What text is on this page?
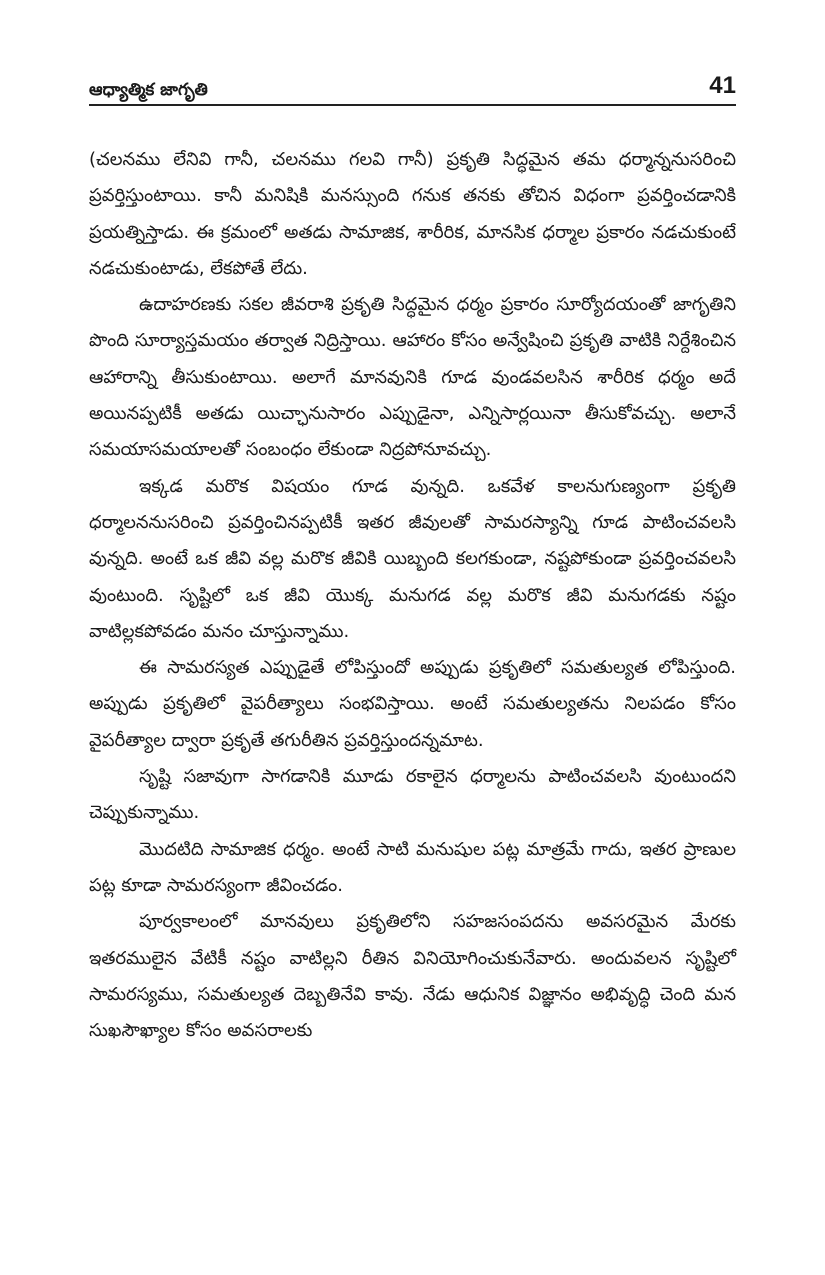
ఆధ్యాత్మిక జాగృతి	41

(చలనము లేనివి గానీ, చలనము గలవి గానీ) ప్రకృతి సిద్ధమైన తమ ధర్మాన్ననుసరించి ప్రవర్తిస్తుంటాయి. కానీ మనిషికి మనస్సుంది గనుక తనకు తోచిన విధంగా ప్రవర్తించడానికి ప్రయత్నిస్తాడు. ఈ క్రమంలో అతడు సామాజిక, శారీరిక, మానసిక ధర్మాల ప్రకారం నడచుకుంటే నడచుకుంటాడు, లేకపోతే లేదు.

ఉదాహరణకు సకల జీవరాశి ప్రకృతి సిద్ధమైన ధర్మం ప్రకారం సూర్యోదయంతో జాగృతిని పొంది సూర్యాస్తమయం తర్వాత నిద్రిస్తాయి. ఆహారం కోసం అన్వేషించి ప్రకృతి వాటికి నిర్దేశించిన ఆహారాన్ని తీసుకుంటాయి. అలాగే మానవునికి గూడ వుండవలసిన శారీరిక ధర్మం అదే అయినప్పటికీ అతడు యిచ్ఛానుసారం ఎప్పుడైనా, ఎన్నిసార్లయినా తీసుకోవచ్చు. అలానే సమయాసమయాలతో సంబంధం లేకుండా నిద్రపోనూవచ్చు.

ఇక్కడ మరొక విషయం గూడ వున్నది. ఒకవేళ కాలనుగుణ్యంగా ప్రకృతి ధర్మాలననుసరించి ప్రవర్తించినప్పటికీ ఇతర జీవులతో సామరస్యాన్ని గూడ పాటించవలసి వున్నది. అంటే ఒక జీవి వల్ల మరొక జీవికి యిబ్బంది కలగకుండా, నష్టపోకుండా ప్రవర్తించవలసి వుంటుంది. సృష్టిలో ఒక జీవి యొక్క మనుగడ వల్ల మరొక జీవి మనుగడకు నష్టం వాటిల్లకపోవడం మనం చూస్తున్నాము.

ఈ సామరస్యత ఎప్పుడైతే లోపిస్తుందో అప్పుడు ప్రకృతిలో సమతుల్యత లోపిస్తుంది. అప్పుడు ప్రకృతిలో వైపరీత్యాలు సంభవిస్తాయి. అంటే సమతుల్యతను నిలపడం కోసం వైపరీత్యాల ద్వారా ప్రకృతే తగురీతిన ప్రవర్తిస్తుందన్నమాట.

సృష్టి సజావుగా సాగడానికి మూడు రకాలైన ధర్మాలను పాటించవలసి వుంటుందని చెప్పుకున్నాము.

మొదటిది సామాజిక ధర్మం. అంటే సాటి మనుషుల పట్ల మాత్రమే గాదు, ఇతర ప్రాణుల పట్ల కూడా సామరస్యంగా జీవించడం.

పూర్వకాలంలో మానవులు ప్రకృతిలోని సహజసంపదను అవసరమైన మేరకు ఇతరములైన వేటికీ నష్టం వాటిల్లని రీతిన వినియోగించుకునేవారు. అందువలన సృష్టిలో సామరస్యము, సమతుల్యత దెబ్బతినేవి కావు. నేడు ఆధునిక విజ్ఞానం అభివృద్ధి చెంది మన సుఖసౌఖ్యాల కోసం అవసరాలకు
